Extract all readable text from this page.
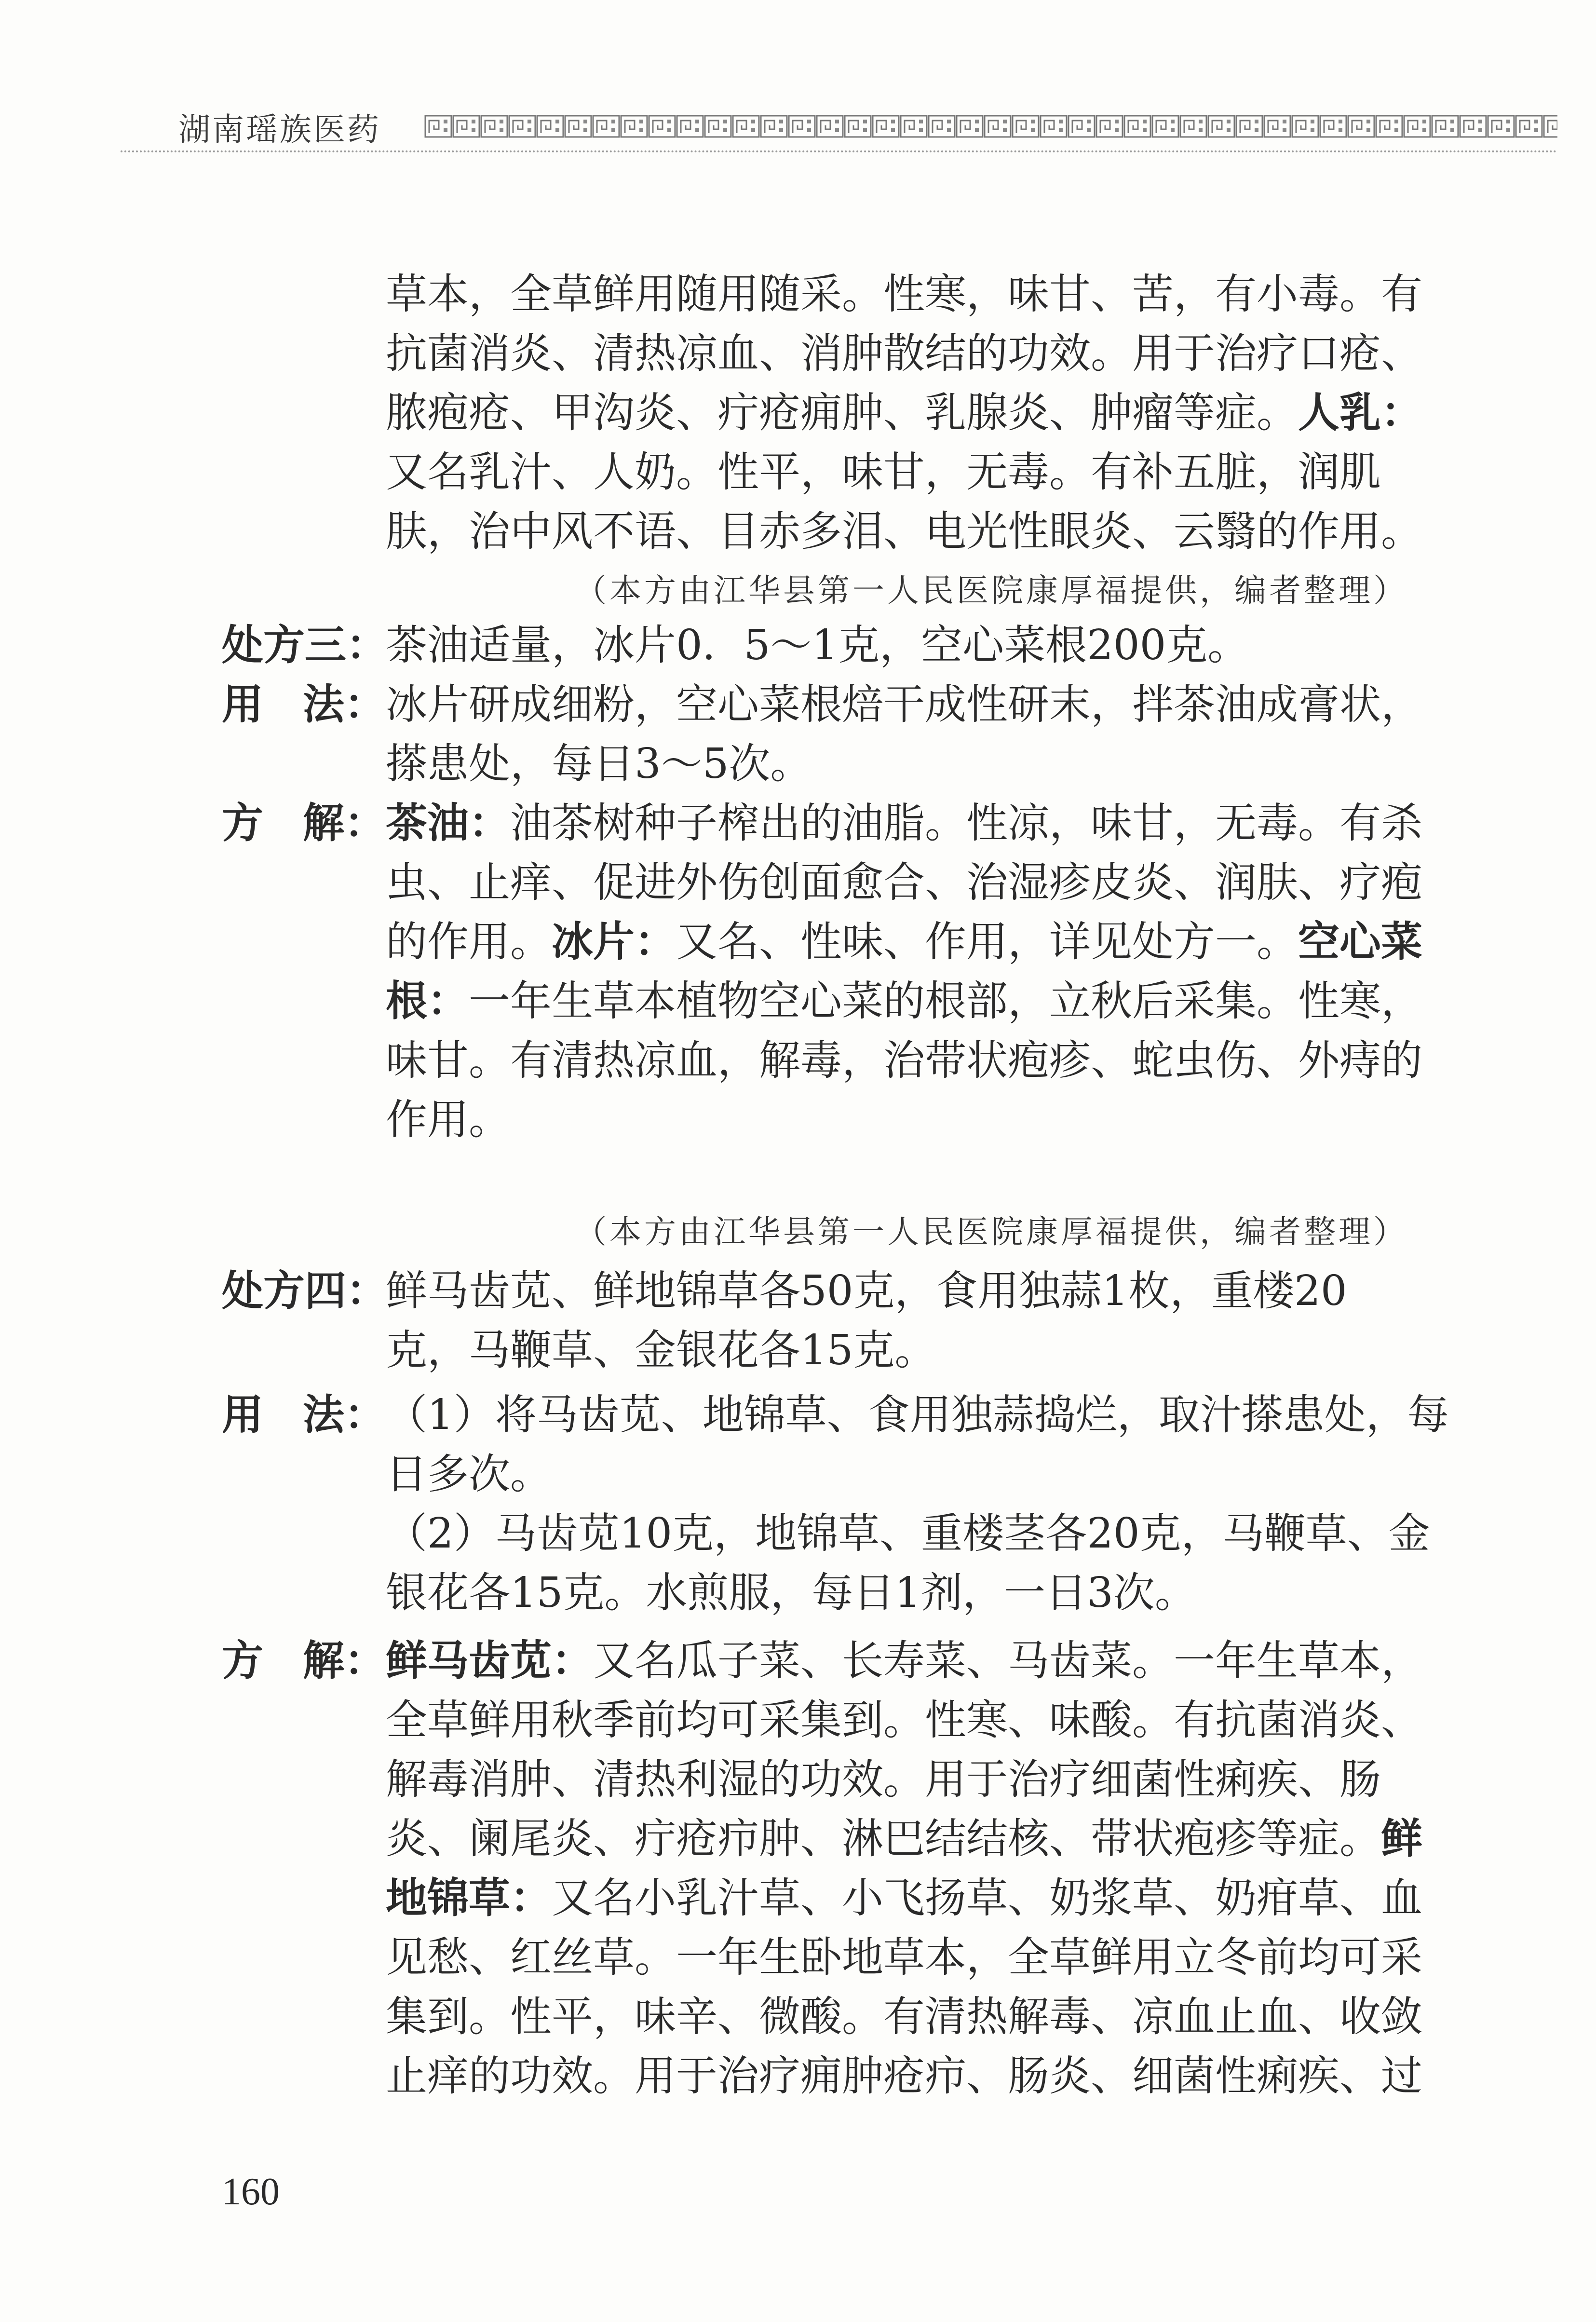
湖南瑶族医药
草本，全草鲜用随用随采。性寒，味甘、苦，有小毒。有
抗菌消炎、清热凉血、消肿散结的功效。用于治疗口疮、
脓疱疮、甲沟炎、疔疮痈肿、乳腺炎、肿瘤等症。人乳：
又名乳汁、人奶。性平，味甘，无毒。有补五脏，润肌
肤，治中风不语、目赤多泪、电光性眼炎、云翳的作用。
（本方由江华县第一人民医院康厚福提供，编者整理）
处方三：
茶油适量，冰片0．5～1克，空心菜根200克。
用 法： 冰片研成细粉，空心菜根焙干成性研末，拌茶油成膏状，
搽患处，每日3～5次。
方 解： 茶油：油茶树种子榨出的油脂。性凉，味甘，无毒。有杀
虫、止痒、促进外伤创面愈合、治湿疹皮炎、润肤、疗疱
的作用。冰片：又名、性味、作用，详见处方一。空心菜
根：一年生草本植物空心菜的根部，立秋后采集。性寒，
味甘。有清热凉血，解毒，治带状疱疹、蛇虫伤、外痔的
作用。
（本方由江华县第一人民医院康厚福提供，编者整理）
处方四：
鲜马齿苋、鲜地锦草各50克，食用独蒜1枚，重楼20
克，马鞭草、金银花各15克。
用 法： （1）将马齿苋、地锦草、食用独蒜捣烂，取汁搽患处，每
日多次。
（2）马齿苋10克，地锦草、重楼茎各20克，马鞭草、金
银花各15克。水煎服，每日1剂，一日3次。
方 解： 鲜马齿苋：又名瓜子菜、长寿菜、马齿菜。一年生草本，
全草鲜用秋季前均可采集到。性寒、味酸。有抗菌消炎、
解毒消肿、清热利湿的功效。用于治疗细菌性痢疾、肠
炎、阑尾炎、疔疮疖肿、淋巴结结核、带状疱疹等症。鲜
地锦草：又名小乳汁草、小飞扬草、奶浆草、奶疳草、血
见愁、红丝草。一年生卧地草本，全草鲜用立冬前均可采
集到。性平，味辛、微酸。有清热解毒、凉血止血、收敛
止痒的功效。用于治疗痈肿疮疖、肠炎、细菌性痢疾、过
160
